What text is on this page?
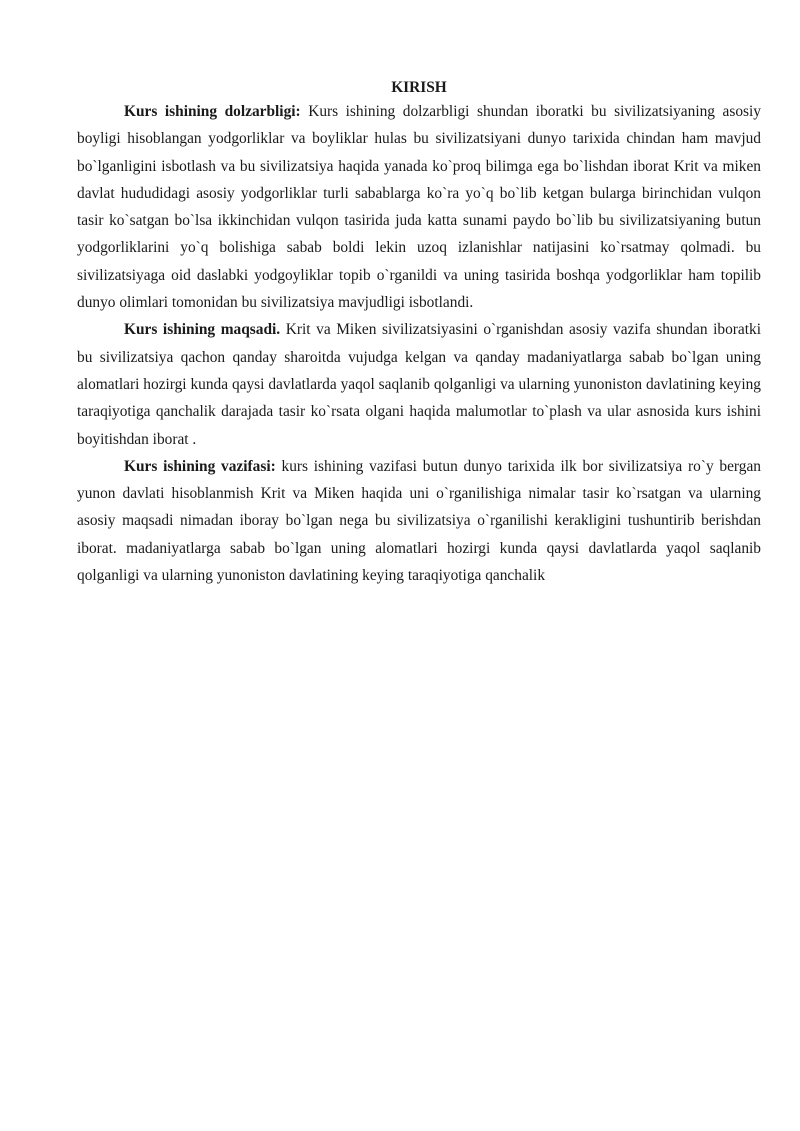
KIRISH

Kurs ishining dolzarbligi: Kurs ishining dolzarbligi shundan iboratki bu sivilizatsiyaning asosiy boyligi hisoblangan yodgorliklar va boyliklar hulas bu sivilizatsiyani dunyo tarixida chindan ham mavjud bo`lganligini isbotlash va bu sivilizatsiya haqida yanada ko`proq bilimga ega bo`lishdan iborat Krit va miken davlat hududidagi asosiy yodgorliklar turli sabablarga ko`ra yo`q bo`lib ketgan bularga birinchidan vulqon tasir ko`satgan bo`lsa ikkinchidan vulqon tasirida juda katta sunami paydo bo`lib bu sivilizatsiyaning butun yodgorliklarini yo`q bolishiga sabab boldi lekin uzoq izlanishlar natijasini ko`rsatmay qolmadi. bu sivilizatsiyaga oid daslabki yodgoyliklar topib o`rganildi va uning tasirida boshqa yodgorliklar ham topilib dunyo olimlari tomonidan bu sivilizatsiya mavjudligi isbotlandi.

Kurs ishining maqsadi. Krit va Miken sivilizatsiyasini o`rganishdan asosiy vazifa shundan iboratki bu sivilizatsiya qachon qanday sharoitda vujudga kelgan va qanday madaniyatlarga sabab bo`lgan uning alomatlari hozirgi kunda qaysi davlatlarda yaqol saqlanib qolganligi va ularning yunoniston davlatining keying taraqiyotiga qanchalik darajada tasir ko`rsata olgani haqida malumotlar to`plash va ular asnosida kurs ishini boyitishdan iborat .

Kurs ishining vazifasi: kurs ishining vazifasi butun dunyo tarixida ilk bor sivilizatsiya ro`y bergan yunon davlati hisoblanmish Krit va Miken haqida uni o`rganilishiga nimalar tasir ko`rsatgan va ularning asosiy maqsadi nimadan iboray bo`lgan nega bu sivilizatsiya o`rganilishi kerakligini tushuntirib berishdan iborat. madaniyatlarga sabab bo`lgan uning alomatlari hozirgi kunda qaysi davlatlarda yaqol saqlanib qolganligi va ularning yunoniston davlatining keying taraqiyotiga qanchalik
